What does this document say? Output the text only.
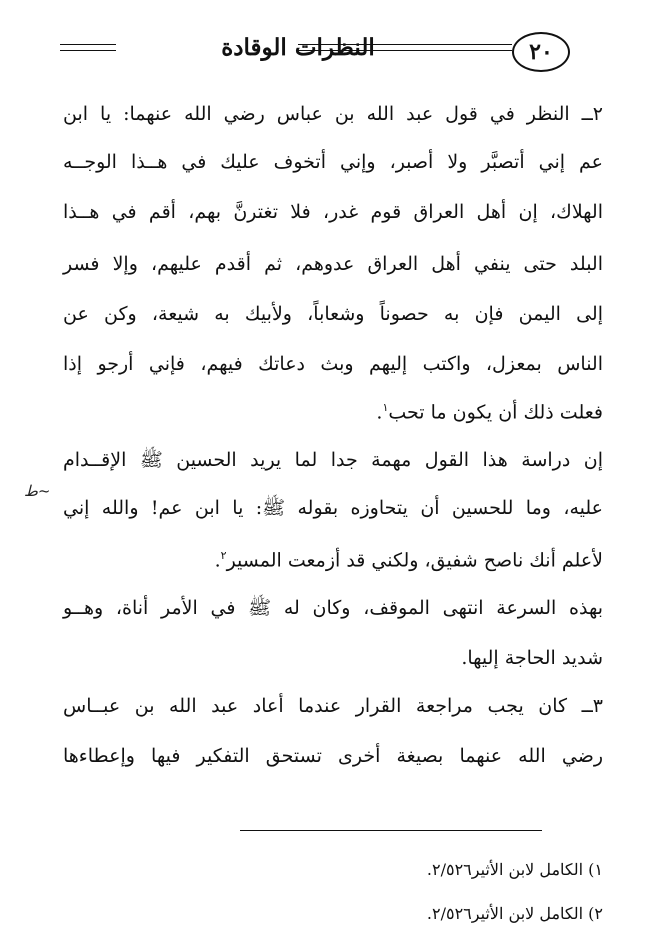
النظرات الوقادة	٢٠
٢ــ النظر في قول عبد الله بن عباس رضي الله عنهما: يا ابن
عم إني أتصبَّر ولا أصبر، وإني أتخوف عليك في هــذا الوجــه
الهلاك، إن أهل العراق قوم غدر، فلا تغترنَّ بهم، أقم في هــذا
البلد حتى ينفي أهل العراق عدوهم، ثم أقدم عليهم، وإلا فسر
إلى اليمن فإن به حصوناً وشعاباً، ولأبيك به شيعة، وكن عن
الناس بمعزل، واكتب إليهم وبث دعاتك فيهم، فإني أرجو إذا
فعلت ذلك أن يكون ما تحب$^١$.
إن دراسة هذا القول مهمة جدا لما يريد الحسين ﷺ الإقــدام
عليه، وما للحسين أن يتحاوزه بقوله ﷺ: يا ابن عم! والله إني
لأعلم أنك ناصح شفيق، ولكني قد أزمعت المسير$^٢$.
بهذه السرعة انتهى الموقف، وكان له ﷺ في الأمر أناة، وهــو
شديد الحاجة إليها.
٣ــ كان يجب مراجعة القرار عندما أعاد عبد الله بن عبــاس
رضي الله عنهما بصيغة أخرى تستحق التفكير فيها وإعطاءها
ط~
١) الكامل لابن الأثير٢/٥٢٦.
٢) الكامل لابن الأثير٢/٥٢٦.
